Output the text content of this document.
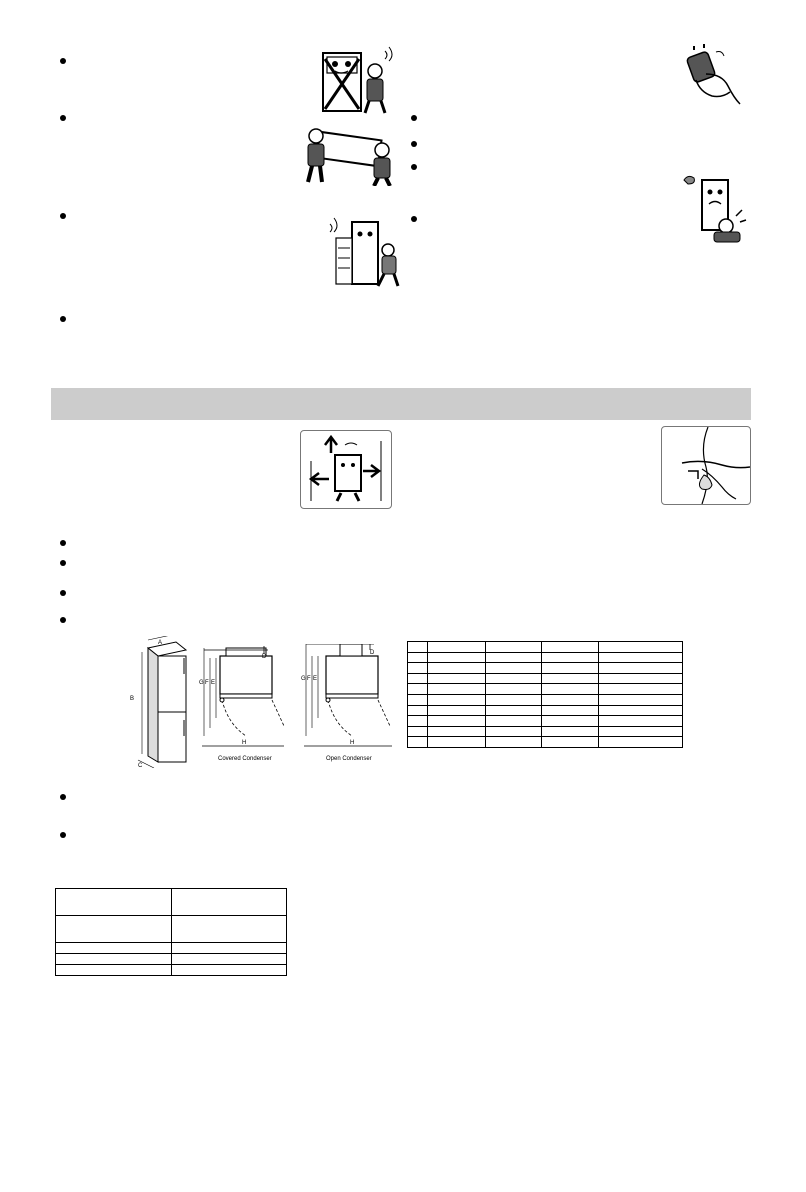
A
B
C
D
G F E
H
Covered Condenser
D
G F E
H
Open Condenser
